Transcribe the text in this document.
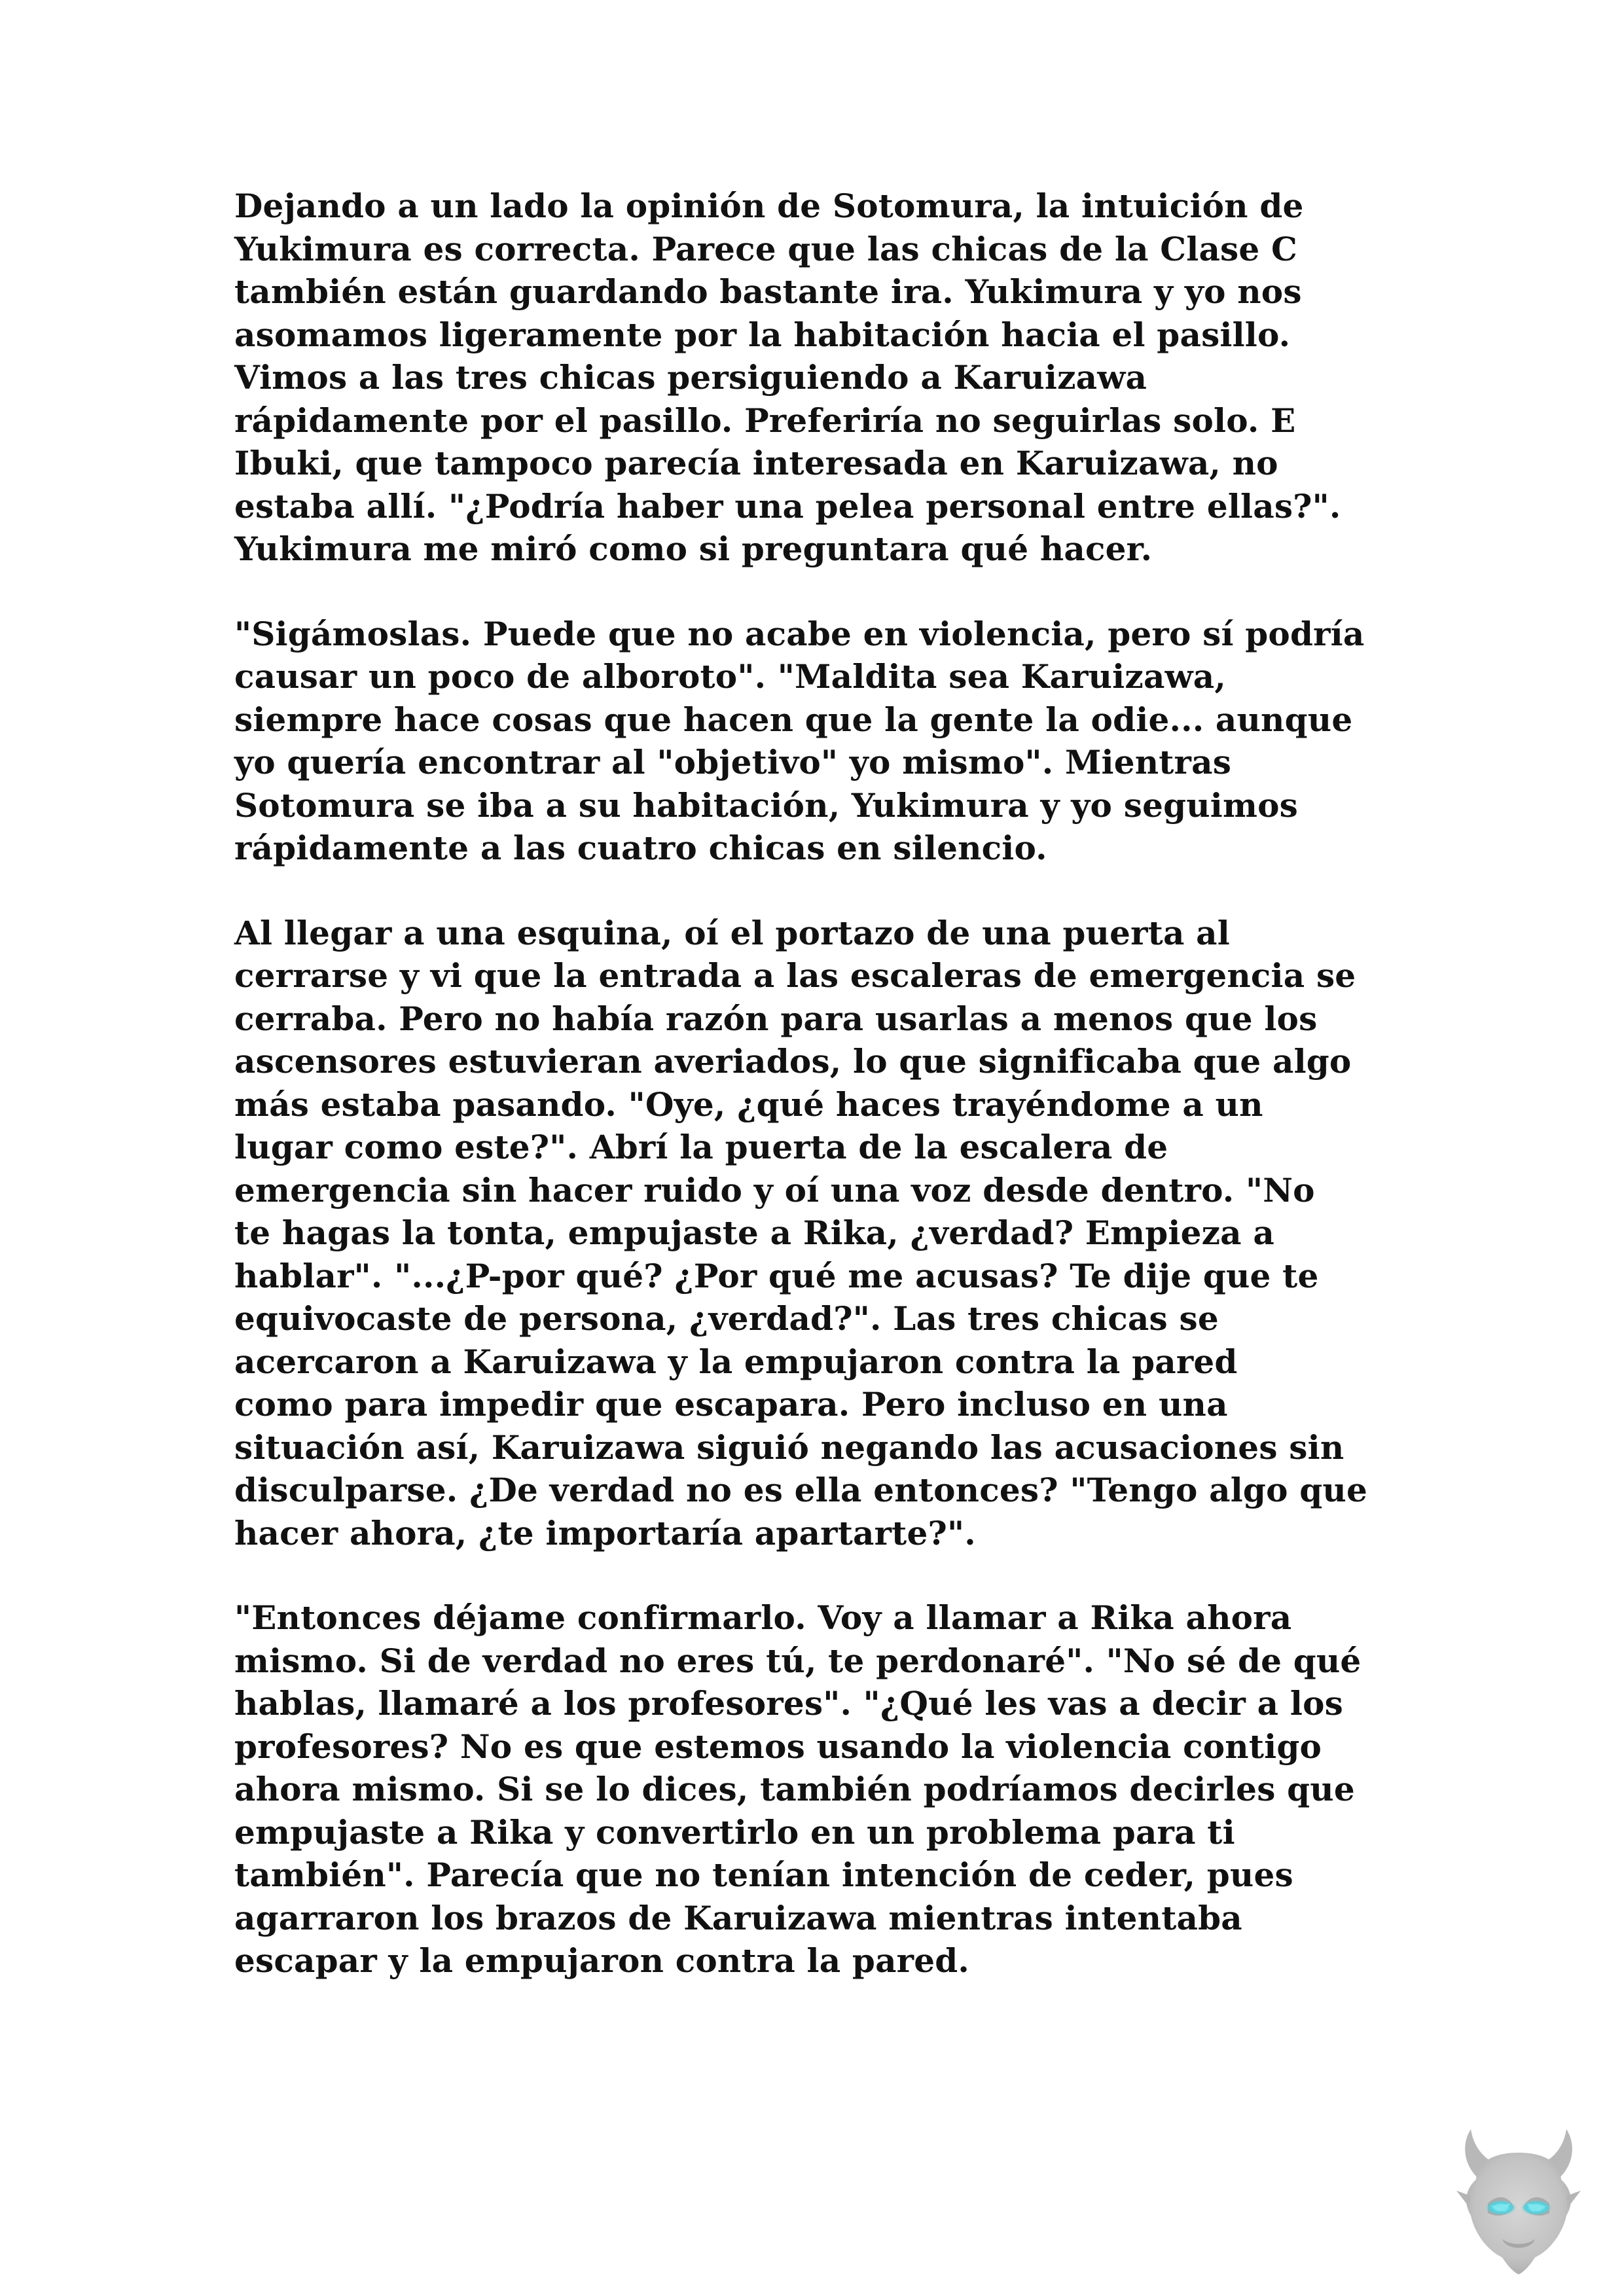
Dejando a un lado la opinión de Sotomura, la intuición de
Yukimura es correcta. Parece que las chicas de la Clase C
también están guardando bastante ira. Yukimura y yo nos
asomamos ligeramente por la habitación hacia el pasillo.
Vimos a las tres chicas persiguiendo a Karuizawa
rápidamente por el pasillo. Preferiría no seguirlas solo. E
Ibuki, que tampoco parecía interesada en Karuizawa, no
estaba allí. "¿Podría haber una pelea personal entre ellas?".
Yukimura me miró como si preguntara qué hacer.

"Sigámoslas. Puede que no acabe en violencia, pero sí podría
causar un poco de alboroto". "Maldita sea Karuizawa,
siempre hace cosas que hacen que la gente la odie... aunque
yo quería encontrar al "objetivo" yo mismo". Mientras
Sotomura se iba a su habitación, Yukimura y yo seguimos
rápidamente a las cuatro chicas en silencio.

Al llegar a una esquina, oí el portazo de una puerta al
cerrarse y vi que la entrada a las escaleras de emergencia se
cerraba. Pero no había razón para usarlas a menos que los
ascensores estuvieran averiados, lo que significaba que algo
más estaba pasando. "Oye, ¿qué haces trayéndome a un
lugar como este?". Abrí la puerta de la escalera de
emergencia sin hacer ruido y oí una voz desde dentro. "No
te hagas la tonta, empujaste a Rika, ¿verdad? Empieza a
hablar". "...¿P-por qué? ¿Por qué me acusas? Te dije que te
equivocaste de persona, ¿verdad?". Las tres chicas se
acercaron a Karuizawa y la empujaron contra la pared
como para impedir que escapara. Pero incluso en una
situación así, Karuizawa siguió negando las acusaciones sin
disculparse. ¿De verdad no es ella entonces? "Tengo algo que
hacer ahora, ¿te importaría apartarte?".

"Entonces déjame confirmarlo. Voy a llamar a Rika ahora
mismo. Si de verdad no eres tú, te perdonaré". "No sé de qué
hablas, llamaré a los profesores". "¿Qué les vas a decir a los
profesores? No es que estemos usando la violencia contigo
ahora mismo. Si se lo dices, también podríamos decirles que
empujaste a Rika y convertirlo en un problema para ti
también". Parecía que no tenían intención de ceder, pues
agarraron los brazos de Karuizawa mientras intentaba
escapar y la empujaron contra la pared.
